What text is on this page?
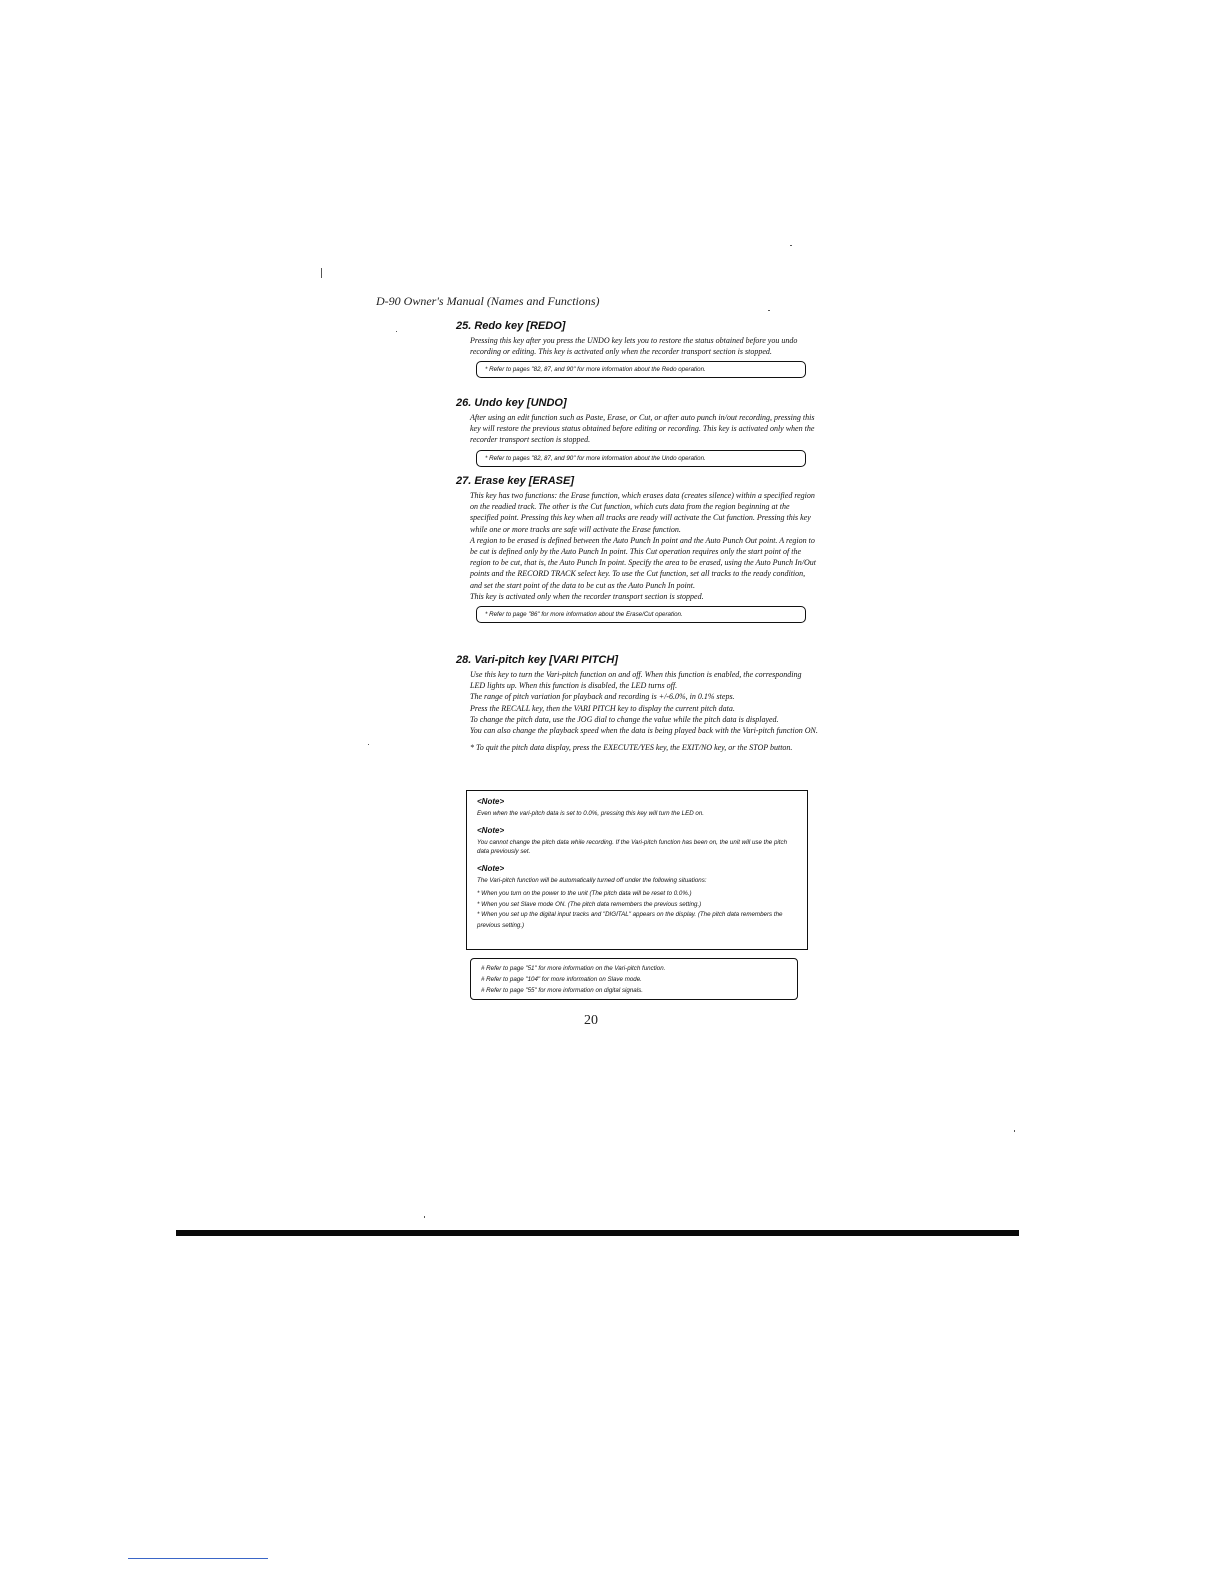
D-90 Owner's Manual (Names and Functions)
25. Redo key [REDO]

Pressing this key after you press the UNDO key lets you to restore the status obtained before you undo recording or editing. This key is activated only when the recorder transport section is stopped.

* Refer to pages "82, 87, and 90" for more information about the Redo operation.
26. Undo key [UNDO]

After using an edit function such as Paste, Erase, or Cut, or after auto punch in/out recording, pressing this key will restore the previous status obtained before editing or recording. This key is activated only when the recorder transport section is stopped.

* Refer to pages "82, 87, and 90" for more information about the Undo operation.
27. Erase key [ERASE]

This key has two functions: the Erase function, which erases data (creates silence) within a specified region on the readied track. The other is the Cut function, which cuts data from the region beginning at the specified point. Pressing this key when all tracks are ready will activate the Cut function. Pressing this key while one or more tracks are safe will activate the Erase function.

A region to be erased is defined between the Auto Punch In point and the Auto Punch Out point. A region to be cut is defined only by the Auto Punch In point. This Cut operation requires only the start point of the region to be cut, that is, the Auto Punch In point. Specify the area to be erased, using the Auto Punch In/Out points and the RECORD TRACK select key. To use the Cut function, set all tracks to the ready condition, and set the start point of the data to be cut as the Auto Punch In point.

This key is activated only when the recorder transport section is stopped.

* Refer to page "86" for more information about the Erase/Cut operation.
28. Vari-pitch key [VARI PITCH]

Use this key to turn the Vari-pitch function on and off. When this function is enabled, the corresponding LED lights up. When this function is disabled, the LED turns off.

The range of pitch variation for playback and recording is +/-6.0%, in 0.1% steps.

Press the RECALL key, then the VARI PITCH key to display the current pitch data.

To change the pitch data, use the JOG dial to change the value while the pitch data is displayed.

You can also change the playback speed when the data is being played back with the Vari-pitch function ON.

* To quit the pitch data display, press the EXECUTE/YES key, the EXIT/NO key, or the STOP button.

<Note>
Even when the vari-pitch data is set to 0.0%, pressing this key will turn the LED on.
<Note>
You cannot change the pitch data while recording. If the Vari-pitch function has been on, the unit will use the pitch data previously set.
<Note>
The Vari-pitch function will be automatically turned off under the following situations:
* When you turn on the power to the unit (The pitch data will be reset to 0.0%.)
* When you set Slave mode ON. (The pitch data remembers the previous setting.)
* When you set up the digital input tracks and "DIGITAL" appears on the display. (The pitch data remembers the previous setting.)
# Refer to page "51" for more information on the Vari-pitch function.
# Refer to page "104" for more information on Slave mode.
# Refer to page "55" for more information on digital signals.
20
